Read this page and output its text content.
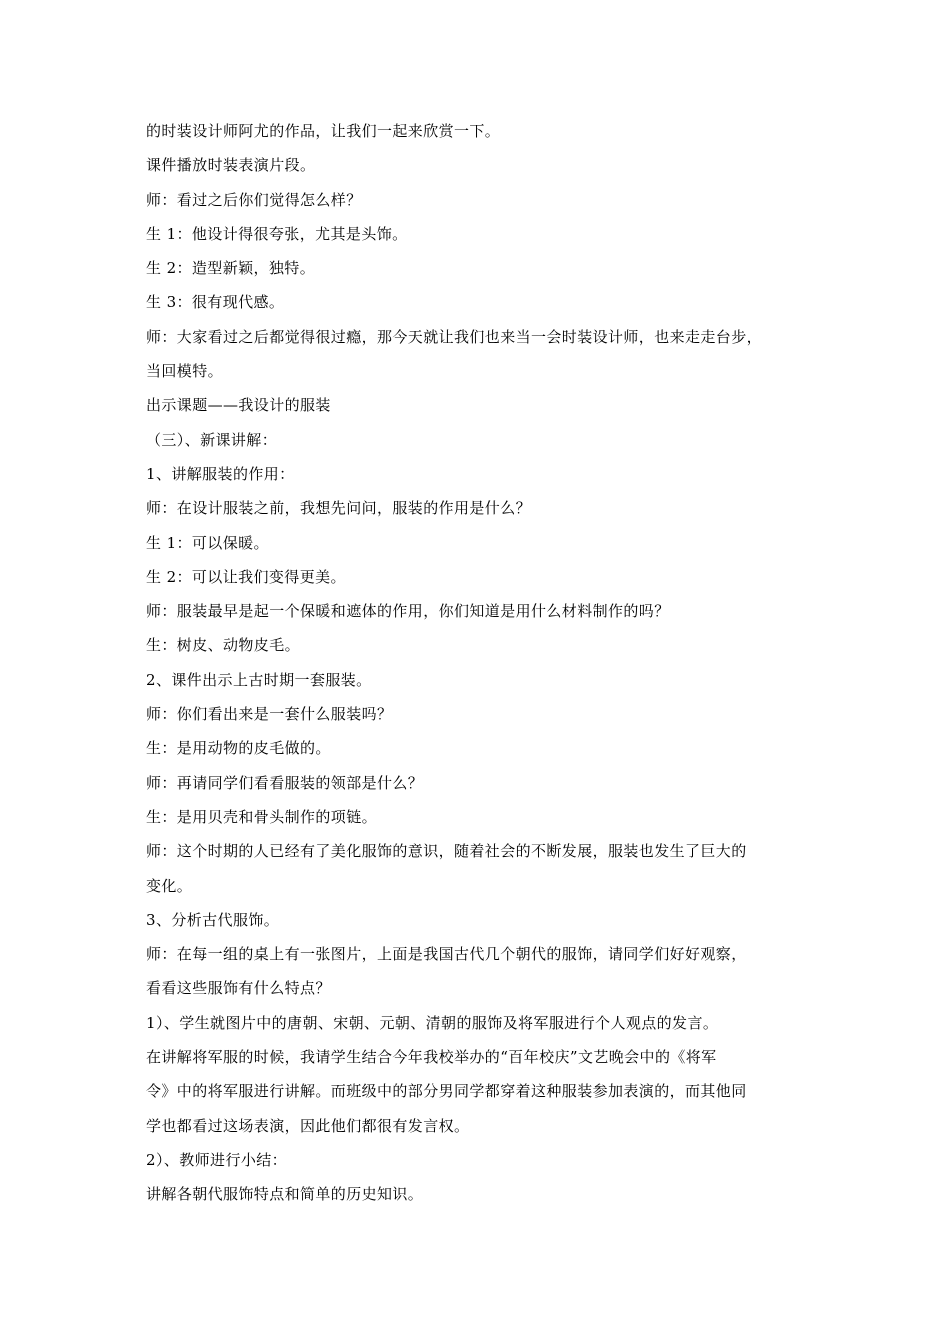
的时装设计师阿尤的作品，让我们一起来欣赏一下。
课件播放时装表演片段。
师：看过之后你们觉得怎么样？
生 1：他设计得很夸张，尤其是头饰。
生 2：造型新颖，独特。
生 3：很有现代感。
师：大家看过之后都觉得很过瘾，那今天就让我们也来当一会时装设计师，也来走走台步，
当回模特。
出示课题——我设计的服装
（三）、新课讲解：
1、讲解服装的作用：
师：在设计服装之前，我想先问问，服装的作用是什么？
生 1：可以保暖。
生 2：可以让我们变得更美。
师：服装最早是起一个保暖和遮体的作用，你们知道是用什么材料制作的吗？
生：树皮、动物皮毛。
2、课件出示上古时期一套服装。
师：你们看出来是一套什么服装吗？
生：是用动物的皮毛做的。
师：再请同学们看看服装的领部是什么？
生：是用贝壳和骨头制作的项链。
师：这个时期的人已经有了美化服饰的意识，随着社会的不断发展，服装也发生了巨大的
变化。
3、分析古代服饰。
师：在每一组的桌上有一张图片，上面是我国古代几个朝代的服饰，请同学们好好观察，
看看这些服饰有什么特点？
1）、学生就图片中的唐朝、宋朝、元朝、清朝的服饰及将军服进行个人观点的发言。
在讲解将军服的时候，我请学生结合今年我校举办的“百年校庆”文艺晚会中的《将军
令》中的将军服进行讲解。而班级中的部分男同学都穿着这种服装参加表演的，而其他同
学也都看过这场表演，因此他们都很有发言权。
2）、教师进行小结：
讲解各朝代服饰特点和简单的历史知识。
